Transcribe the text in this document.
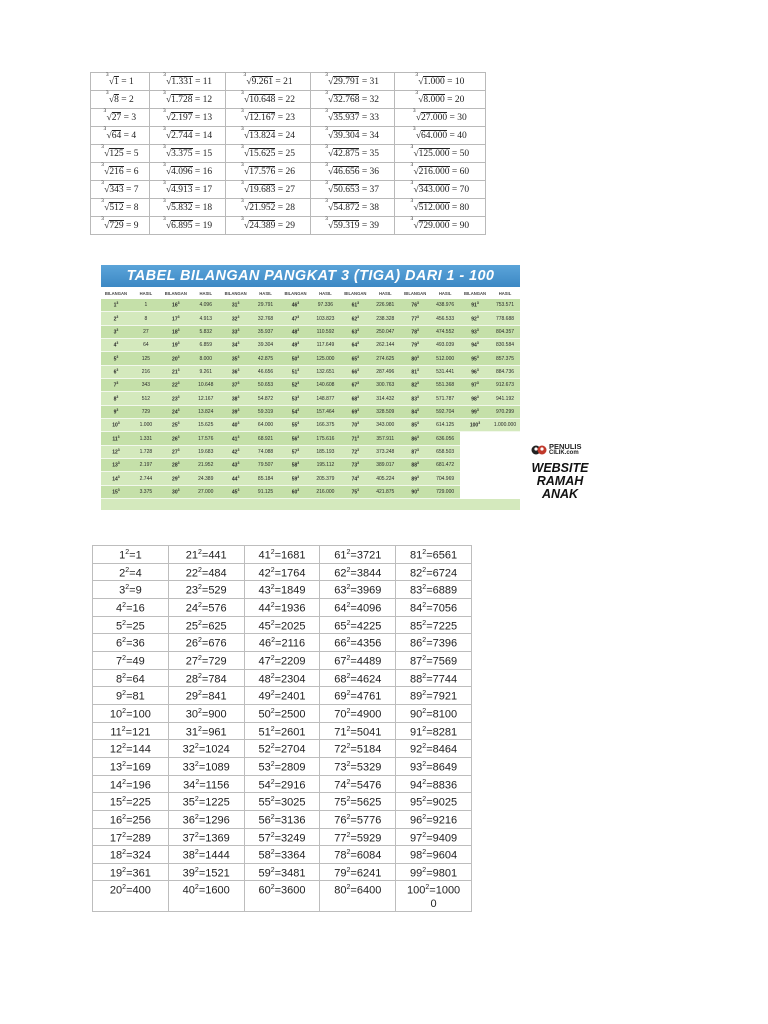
3
√1 = 1	3
√1.331 = 11	3
√9.261 = 21	3
√29.791 = 31	3
√1.000 = 10

3
√8 = 2	3
√1.728 = 12	3
√10.648 = 22	3
√32.768 = 32	3
√8.000 = 20

3
√27 = 3	3
√2.197 = 13	3
√12.167 = 23	3
√35.937 = 33	3
√27.000 = 30

3
√64 = 4	3
√2.744 = 14	3
√13.824 = 24	3
√39.304 = 34	3
√64.000 = 40

3
√125 = 5	3
√3.375 = 15	3
√15.625 = 25	3
√42.875 = 35	3
√125.000 = 50

3
√216 = 6	3
√4.096 = 16	3
√17.576 = 26	3
√46.656 = 36	3
√216.000 = 60

3
√343 = 7	3
√4.913 = 17	3
√19.683 = 27	3
√50.653 = 37	3
√343.000 = 70

3
√512 = 8	3
√5.832 = 18	3
√21.952 = 28	3
√54.872 = 38	3
√512.000 = 80

3
√729 = 9	3
√6.895 = 19	3
√24.389 = 29	3
√59.319 = 39	3
√729.000 = 90
TABEL BILANGAN PANGKAT 3 (TIGA) DARI 1 - 100
BILANGAN	HASIL	BILANGAN	HASIL	BILANGAN	HASIL	BILANGAN	HASIL	BILANGAN	HASIL	BILANGAN	HASIL	BILANGAN	HASIL
$1^3$	1	$16^3$	4.096	$31^3$	29.791	$46^3$	97.336	$61^3$	226.981	$76^3$	438.976	$91^3$	753.571
$2^3$	8	$17^3$	4.913	$32^3$	32.768	$47^3$	103.823	$62^3$	238.328	$77^3$	456.533	$92^3$	778.688
$3^3$	27	$18^3$	5.832	$33^3$	35.937	$48^3$	110.592	$63^3$	250.047	$78^3$	474.552	$93^3$	804.357
$4^3$	64	$19^3$	6.859	$34^3$	39.304	$49^3$	117.649	$64^3$	262.144	$79^3$	493.039	$94^3$	830.584
$5^3$	125	$20^3$	8.000	$35^3$	42.875	$50^3$	125.000	$65^3$	274.625	$80^3$	512.000	$95^3$	857.375
$6^3$	216	$21^3$	9.261	$36^3$	46.656	$51^3$	132.651	$66^3$	287.496	$81^3$	531.441	$96^3$	884.736
$7^3$	343	$22^3$	10.648	$37^3$	50.653	$52^3$	140.608	$67^3$	300.763	$82^3$	551.368	$97^3$	912.673
$8^3$	512	$23^3$	12.167	$38^3$	54.872	$53^3$	148.877	$68^3$	314.432	$83^3$	571.787	$98^3$	941.192
$9^3$	729	$24^3$	13.824	$39^3$	59.319	$54^3$	157.464	$69^3$	328.509	$84^3$	592.704	$99^3$	970.299
$10^3$	1.000	$25^3$	15.625	$40^3$	64.000	$55^3$	166.375	$70^3$	343.000	$85^3$	614.125	$100^3$	1.000.000
$11^3$	1.331	$26^3$	17.576	$41^3$	68.921	$56^3$	175.616	$71^3$	357.911	$86^3$	636.056		
$12^3$	1.728	$27^3$	19.683	$42^3$	74.088	$57^3$	185.193	$72^3$	373.248	$87^3$	658.503		
$13^3$	2.197	$28^3$	21.952	$43^3$	79.507	$58^3$	195.112	$73^3$	389.017	$88^3$	681.472		
$14^3$	2.744	$29^3$	24.389	$44^3$	85.184	$59^3$	205.379	$74^3$	405.224	$89^3$	704.969		
$15^3$	3.375	$30^3$	27.000	$45^3$	91.125	$60^3$	216.000	$75^3$	421.875	$90^3$	729.000		
PENULIS
CILIK.com
WEBSITE RAMAH ANAK
$1^2=1$	$21^2=441$	$41^2=1681$	$61^2=3721$	$81^2=6561$
$2^2=4$	$22^2=484$	$42^2=1764$	$62^2=3844$	$82^2=6724$
$3^2=9$	$23^2=529$	$43^2=1849$	$63^2=3969$	$83^2=6889$
$4^2=16$	$24^2=576$	$44^2=1936$	$64^2=4096$	$84^2=7056$
$5^2=25$	$25^2=625$	$45^2=2025$	$65^2=4225$	$85^2=7225$
$6^2=36$	$26^2=676$	$46^2=2116$	$66^2=4356$	$86^2=7396$
$7^2=49$	$27^2=729$	$47^2=2209$	$67^2=4489$	$87^2=7569$
$8^2=64$	$28^2=784$	$48^2=2304$	$68^2=4624$	$88^2=7744$
$9^2=81$	$29^2=841$	$49^2=2401$	$69^2=4761$	$89^2=7921$
$10^2=100$	$30^2=900$	$50^2=2500$	$70^2=4900$	$90^2=8100$
$11^2=121$	$31^2=961$	$51^2=2601$	$71^2=5041$	$91^2=8281$
$12^2=144$	$32^2=1024$	$52^2=2704$	$72^2=5184$	$92^2=8464$
$13^2=169$	$33^2=1089$	$53^2=2809$	$73^2=5329$	$93^2=8649$
$14^2=196$	$34^2=1156$	$54^2=2916$	$74^2=5476$	$94^2=8836$
$15^2=225$	$35^2=1225$	$55^2=3025$	$75^2=5625$	$95^2=9025$
$16^2=256$	$36^2=1296$	$56^2=3136$	$76^2=5776$	$96^2=9216$
$17^2=289$	$37^2=1369$	$57^2=3249$	$77^2=5929$	$97^2=9409$
$18^2=324$	$38^2=1444$	$58^2=3364$	$78^2=6084$	$98^2=9604$
$19^2=361$	$39^2=1521$	$59^2=3481$	$79^2=6241$	$99^2=9801$
$20^2=400$	$40^2=1600$	$60^2=3600$	$80^2=6400$	$100^2=10000$
